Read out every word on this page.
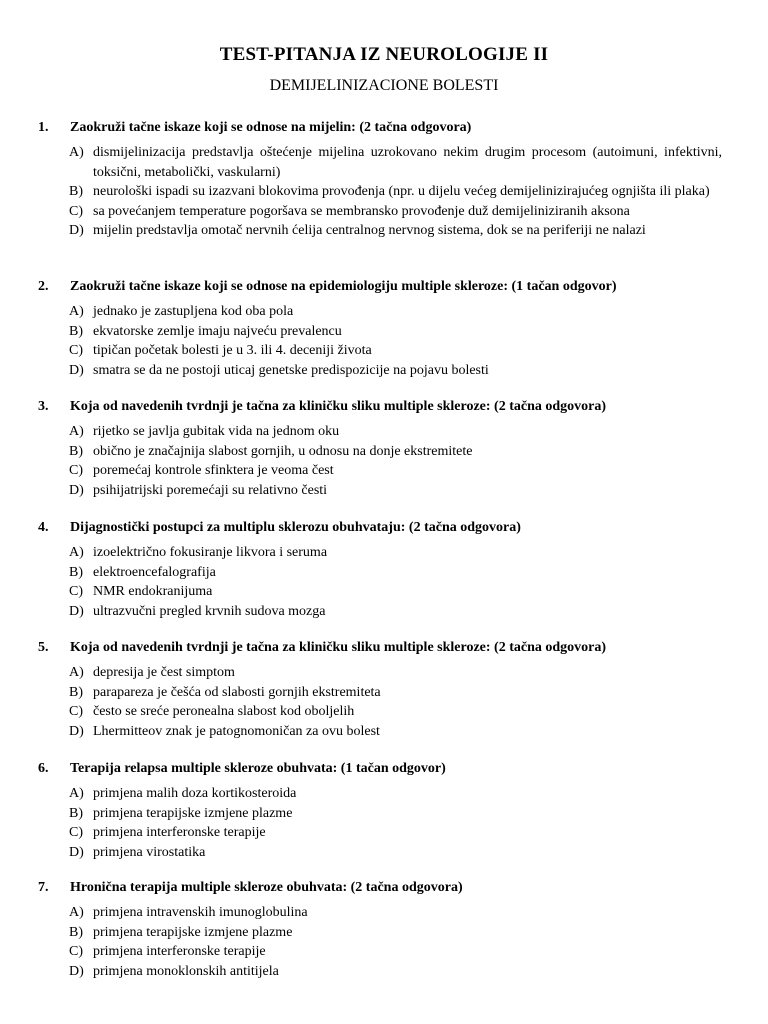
TEST-PITANJA IZ NEUROLOGIJE II
DEMIJELINIZACIONE BOLESTI
1. Zaokruži tačne iskaze koji se odnose na mijelin: (2 tačna odgovora)
A) dismijelinizacija predstavlja oštećenje mijelina uzrokovano nekim drugim procesom (autoimuni, infektivni, toksični, metabolički, vaskularni)
B) neurološki ispadi su izazvani blokovima provođenja (npr. u dijelu većeg demijelinizirajućeg ognjišta ili plaka)
C) sa povećanjem temperature pogoršava se membransko provođenje duž demijeliniziranih aksona
D) mijelin predstavlja omotač nervnih ćelija centralnog nervnog sistema, dok se na periferiji ne nalazi
2. Zaokruži tačne iskaze koji se odnose na epidemiologiju multiple skleroze: (1 tačan odgovor)
A) jednako je zastupljena kod oba pola
B) ekvatorske zemlje imaju najveću prevalencu
C) tipičan početak bolesti je u 3. ili 4. deceniji života
D) smatra se da ne postoji uticaj genetske predispozicije na pojavu bolesti
3. Koja od navedenih tvrdnji je tačna za kliničku sliku multiple skleroze: (2 tačna odgovora)
A) rijetko se javlja gubitak vida na jednom oku
B) obično je značajnija slabost gornjih, u odnosu na donje ekstremitete
C) poremećaj kontrole sfinktera je veoma čest
D) psihijatrijski poremećaji su relativno česti
4. Dijagnostički postupci za multiplu sklerozu obuhvataju: (2 tačna odgovora)
A) izoelektrično fokusiranje likvora i seruma
B) elektroencefalografija
C) NMR endokranijuma
D) ultrazvučni pregled krvnih sudova mozga
5. Koja od navedenih tvrdnji je tačna za kliničku sliku multiple skleroze: (2 tačna odgovora)
A) depresija je čest simptom
B) parapareza je češća od slabosti gornjih ekstremiteta
C) često se sreće peronealna slabost kod oboljelih
D) Lhermitteov znak je patognomoničan za ovu bolest
6. Terapija relapsa multiple skleroze obuhvata: (1 tačan odgovor)
A) primjena malih doza kortikosteroida
B) primjena terapijske izmjene plazme
C) primjena interferonske terapije
D) primjena virostatika
7. Hronična terapija multiple skleroze obuhvata: (2 tačna odgovora)
A) primjena intravenskih imunoglobulina
B) primjena terapijske izmjene plazme
C) primjena interferonske terapije
D) primjena monoklonskih antitijela
